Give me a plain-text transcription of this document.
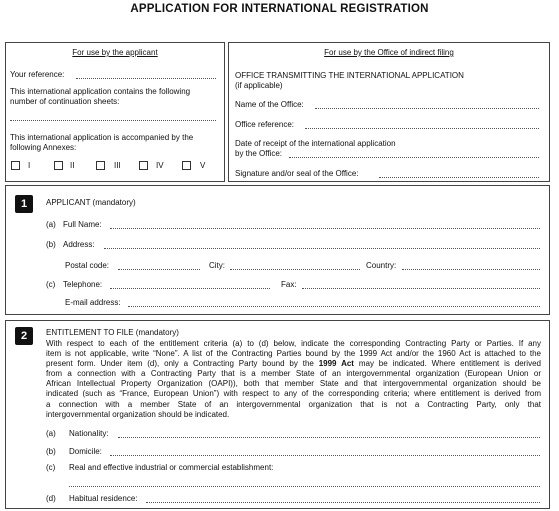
APPLICATION FOR INTERNATIONAL REGISTRATION
For use by the applicant
Your reference:
This international application contains the following
number of continuation sheets:
This international application is accompanied by the
following Annexes:
I	II	III	IV	V
For use by the Office of indirect filing
OFFICE TRANSMITTING THE INTERNATIONAL APPLICATION
(if applicable)
Name of the Office:
Office reference:
Date of receipt of the international application
by the Office:
Signature and/or seal of the Office:
1	APPLICANT (mandatory)
(a) Full Name:
(b) Address:
Postal code:	City:	Country:
(c) Telephone:	Fax:
E-mail address:
2	ENTITLEMENT TO FILE (mandatory)
With respect to each of the entitlement criteria (a) to (d) below, indicate the corresponding Contracting Party or Parties. If any
item is not applicable, write “None”. A list of the Contracting Parties bound by the 1999 Act and/or the 1960 Act is attached to the
present form. Under item (d), only a Contracting Party bound by the 1999 Act may be indicated. Where entitlement is derived
from a connection with a Contracting Party that is a member State of an intergovernmental organization (European Union or
African Intellectual Property Organization (OAPI)), both that member State and that intergovernmental organization should be
indicated (such as “France, European Union”) with respect to any of the corresponding criteria; where entitlement is derived from
a connection with a member State of an intergovernmental organization that is not a Contracting Party, only that
intergovernmental organization should be indicated.
(a) Nationality:
(b) Domicile:
(c) Real and effective industrial or commercial establishment:
(d) Habitual residence:
